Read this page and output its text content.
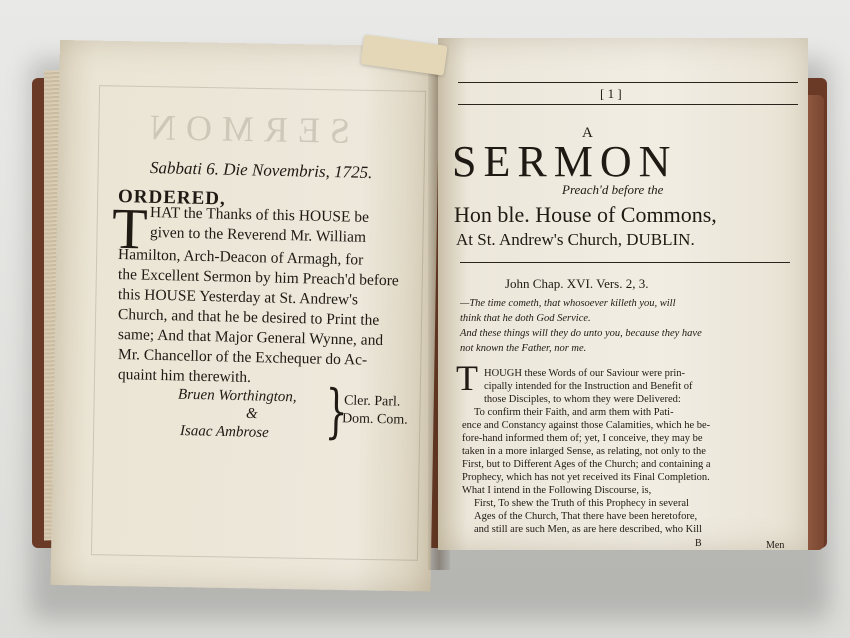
SERMON
Sabbati 6. Die Novembris, 1725.
ORDERED,
T HAT the Thanks of this HOUSE be
given to the Reverend Mr. William
Hamilton, Arch-Deacon of Armagh, for
the Excellent Sermon by him Preach'd before
this HOUSE Yesterday at St. Andrew's
Church, and that he be desired to Print the
same; And that Major General Wynne, and
Mr. Chancellor of the Exchequer do Ac-
quaint him therewith.
Bruen Worthington,
&
Isaac Ambrose }
Cler. Parl.
Dom. Com.
[ 1 ]
A
SERMON
Preach'd before the
Hon ble. House of Commons,
At St. Andrew's Church, DUBLIN.
John Chap. XVI. Vers. 2, 3.
—The time cometh, that whosoever killeth you, will
think that he doth God Service.
And these things will they do unto you, because they have
not known the Father, nor me.
T HOUGH these Words of our Saviour were prin-
cipally intended for the Instruction and Benefit of
those Disciples, to whom they were Delivered:
To confirm their Faith, and arm them with Pati-
ence and Constancy against those Calamities, which he be-
fore-hand informed them of; yet, I conceive, they may be
taken in a more inlarged Sense, as relating, not only to the
First, but to Different Ages of the Church; and containing a
Prophecy, which has not yet received its Final Completion.
What I intend in the Following Discourse, is,
First, To shew the Truth of this Prophecy in several
Ages of the Church, That there have been heretofore,
and still are such Men, as are here described, who Kill
B	Men
